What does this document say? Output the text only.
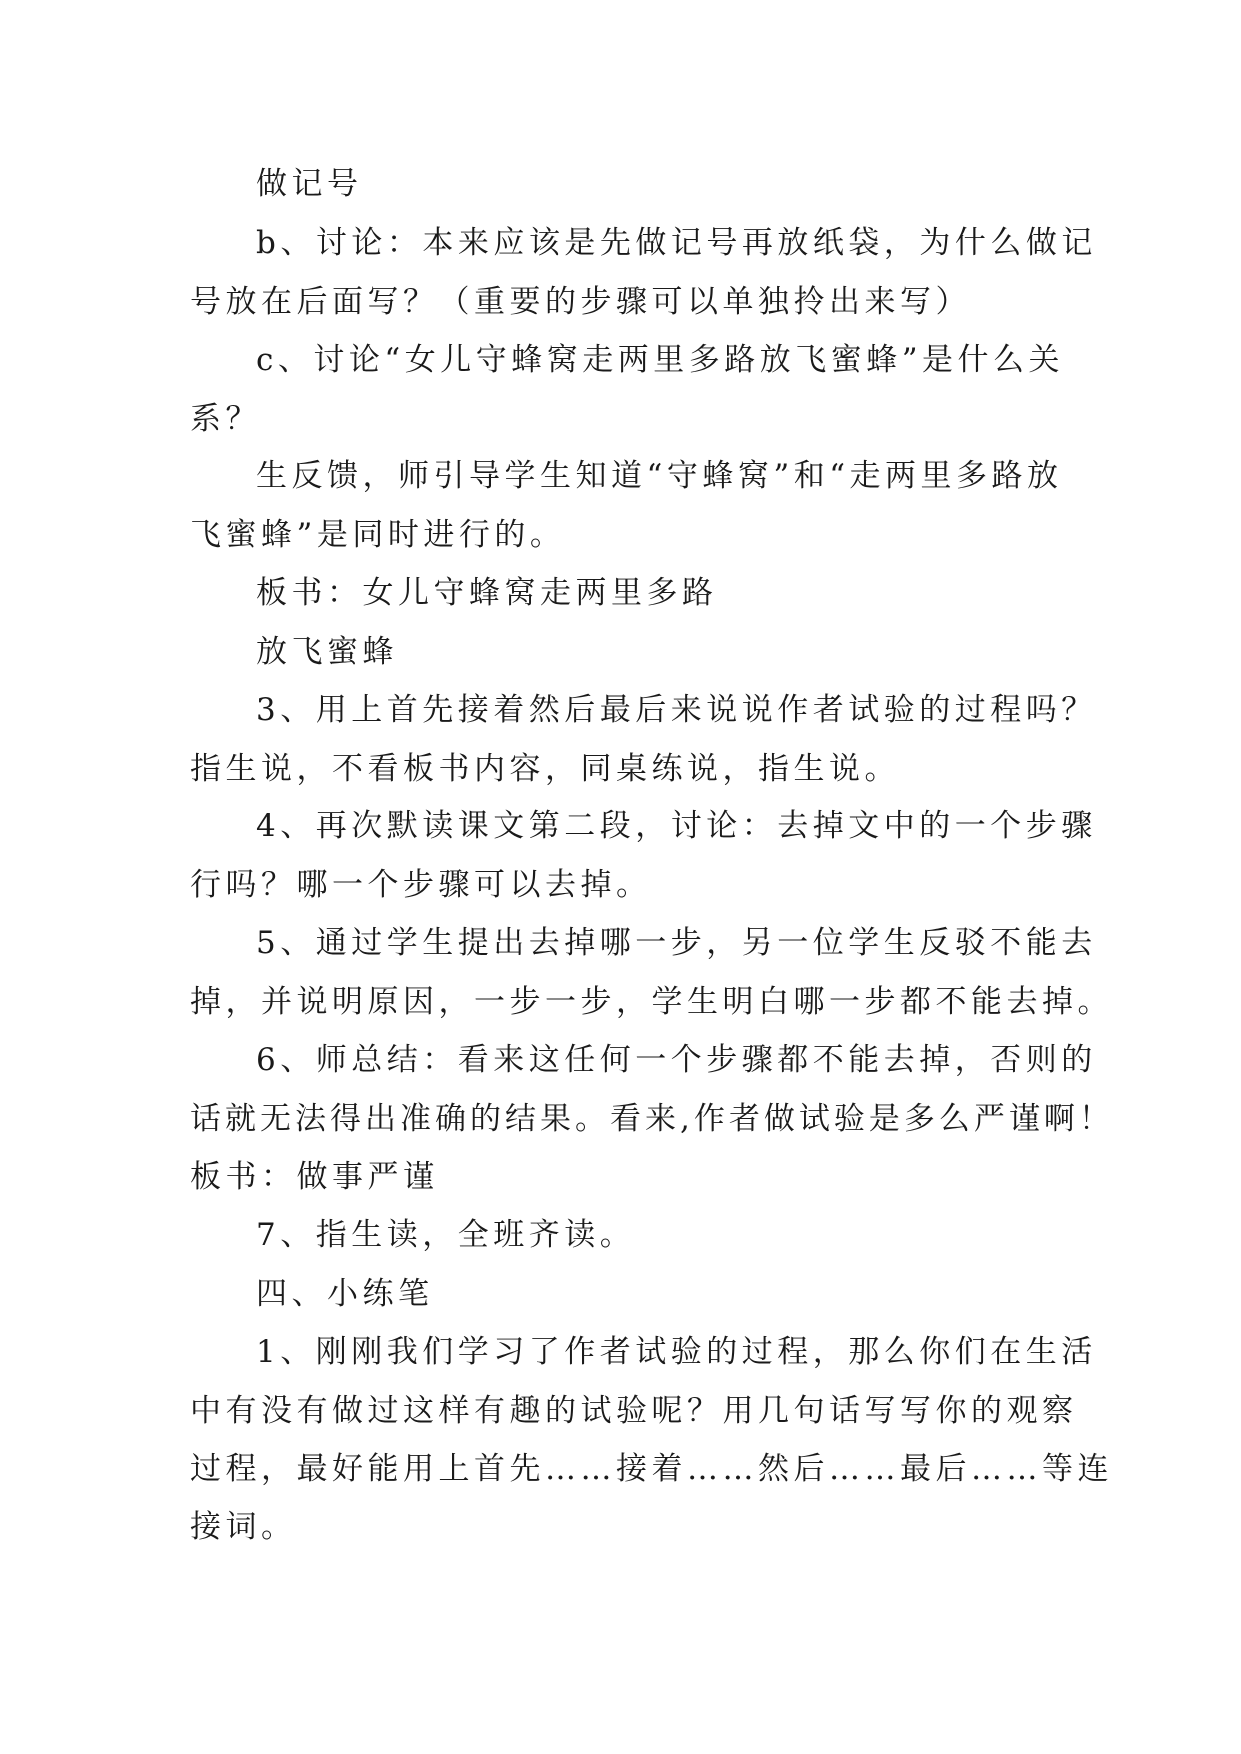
做记号
b、讨论：本来应该是先做记号再放纸袋，为什么做记
号放在后面写？（重要的步骤可以单独拎出来写）
c、讨论“女儿守蜂窝走两里多路放飞蜜蜂”是什么关
系？
生反馈，师引导学生知道“守蜂窝”和“走两里多路放
飞蜜蜂”是同时进行的。
板书：女儿守蜂窝走两里多路
放飞蜜蜂
3、用上首先接着然后最后来说说作者试验的过程吗？
指生说，不看板书内容，同桌练说，指生说。
4、再次默读课文第二段，讨论：去掉文中的一个步骤
行吗？哪一个步骤可以去掉。
5、通过学生提出去掉哪一步，另一位学生反驳不能去
掉，并说明原因，一步一步，学生明白哪一步都不能去掉。
6、师总结：看来这任何一个步骤都不能去掉，否则的
话就无法得出准确的结果。看来,作者做试验是多么严谨啊！
板书：做事严谨
7、指生读，全班齐读。
四、小练笔
1、刚刚我们学习了作者试验的过程，那么你们在生活
中有没有做过这样有趣的试验呢？用几句话写写你的观察
过程，最好能用上首先……接着……然后……最后……等连
接词。
